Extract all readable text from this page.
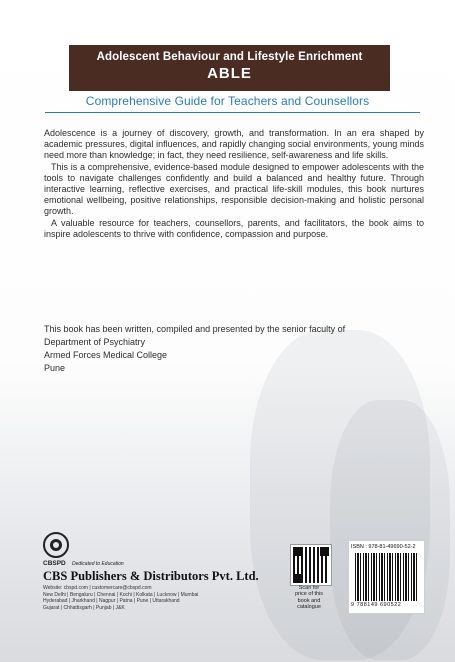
Adolescent Behaviour and Lifestyle Enrichment
ABLE
Comprehensive Guide for Teachers and Counsellors

Adolescence is a journey of discovery, growth, and transformation. In an era shaped by academic pressures, digital influences, and rapidly changing social environments, young minds need more than knowledge; in fact, they need resilience, self-awareness and life skills.

This is a comprehensive, evidence-based module designed to empower adolescents with the tools to navigate challenges confidently and build a balanced and healthy future. Through interactive learning, reflective exercises, and practical life-skill modules, this book nurtures emotional wellbeing, positive relationships, responsible decision-making and holistic personal growth.

A valuable resource for teachers, counsellors, parents, and facilitators, the book aims to inspire adolescents to thrive with confidence, compassion and purpose.

This book has been written, compiled and presented by the senior faculty of
Department of Psychiatry
Armed Forces Medical College
Pune
CBSPD Dedicated to Education
CBS Publishers & Distributors Pvt. Ltd.
Website: cbspd.com | customercare@cbspd.com
New Delhi | Bengaluru | Chennai | Kochi | Kolkata | Lucknow | Mumbai
Hyderabad | Jharkhand | Nagpur | Patna | Pune | Uttarakhand
Gujarat | Chhattisgarh | Punjab | J&K
Scan for
price of this
book and
catalogue
ISBN : 978-81-49690-52-2
9 788149 690522
